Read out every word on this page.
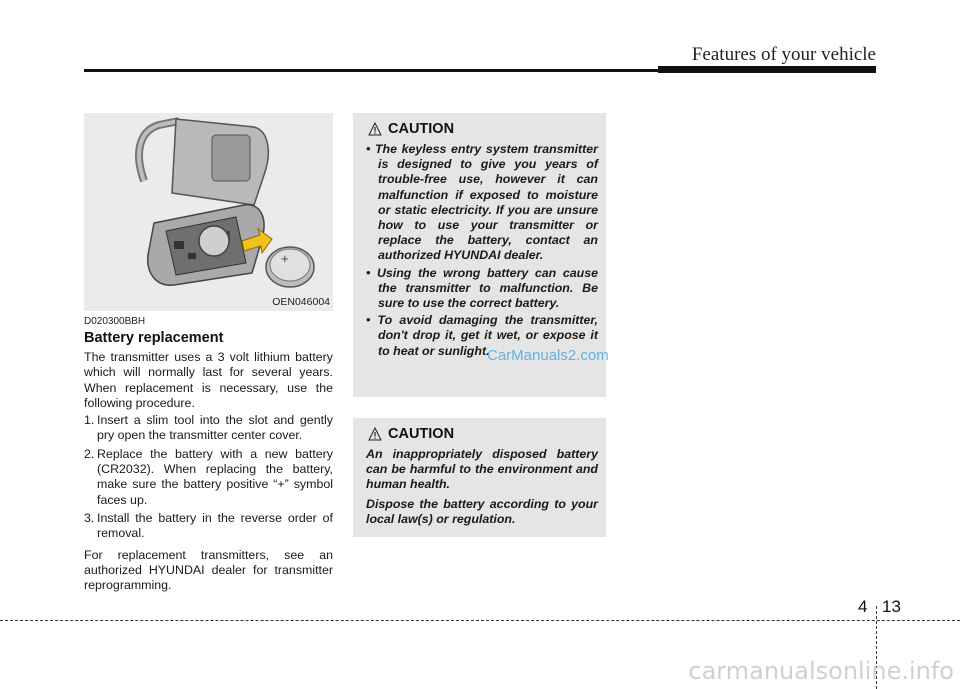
Features of your vehicle
+
OEN046004
D020300BBH
Battery replacement

The transmitter uses a 3 volt lithium battery which will normally last for several years. When replacement is necessary, use the following procedure.

1. Insert a slim tool into the slot and gently pry open the transmitter center cover.
2. Replace the battery with a new battery (CR2032). When replacing the battery, make sure the battery positive “+” symbol faces up.
3. Install the battery in the reverse order of removal.

For replacement transmitters, see an authorized HYUNDAI dealer for transmitter reprogramming.

CAUTION
• The keyless entry system transmitter is designed to give you years of trouble-free use, however it can malfunction if exposed to moisture or static electricity. If you are unsure how to use your transmitter or replace the battery, contact an authorized HYUNDAI dealer.
• Using the wrong battery can cause the transmitter to malfunction. Be sure to use the correct battery.
• To avoid damaging the transmitter, don't drop it, get it wet, or expose it to heat or sunlight.
CarManuals2.com
CAUTION

An inappropriately disposed battery can be harmful to the environment and human health.

Dispose the battery according to your local law(s) or regulation.

4 13
carmanualsonline.info
